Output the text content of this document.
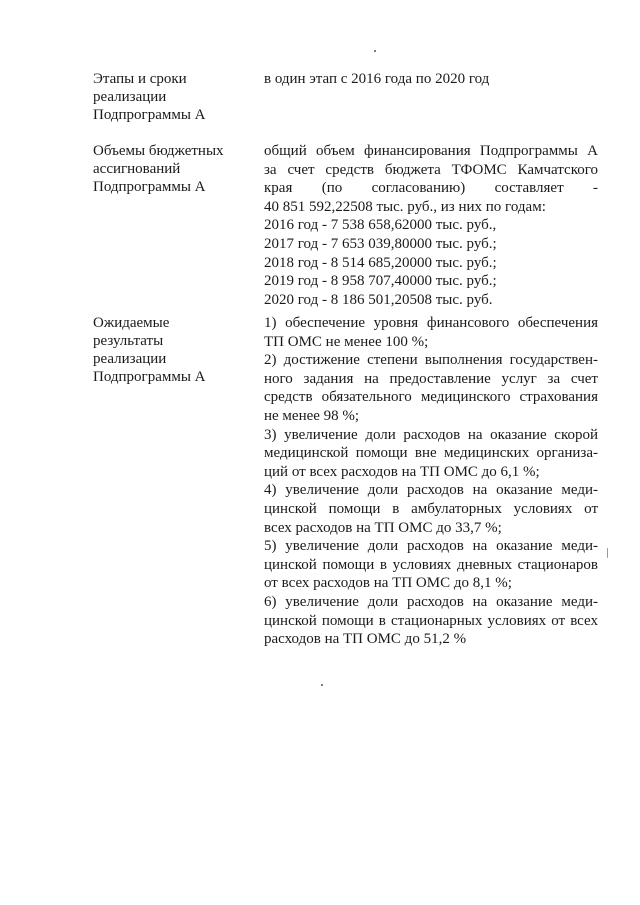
Этапы и сроки
реализации
Подпрограммы А
в один этап с 2016 года по 2020 год
Объемы бюджетных
ассигнований
Подпрограммы А
общий объем финансирования Подпрограммы А
за счет средств бюджета ТФОМС Камчатского
края (по согласованию) составляет -
40 851 592,22508 тыс. руб., из них по годам:
2016 год - 7 538 658,62000 тыс. руб.,
2017 год - 7 653 039,80000 тыс. руб.;
2018 год - 8 514 685,20000 тыс. руб.;
2019 год - 8 958 707,40000 тыс. руб.;
2020 год - 8 186 501,20508 тыс. руб.
Ожидаемые
результаты
реализации
Подпрограммы А
1) обеспечение уровня финансового обеспечения
ТП ОМС не менее 100 %;
2) достижение степени выполнения государствен-
ного задания на предоставление услуг за счет
средств обязательного медицинского страхования
не менее 98 %;
3) увеличение доли расходов на оказание скорой
медицинской помощи вне медицинских организа-
ций от всех расходов на ТП ОМС до 6,1 %;
4) увеличение доли расходов на оказание меди-
цинской помощи в амбулаторных условиях от
всех расходов на ТП ОМС до 33,7 %;
5) увеличение доли расходов на оказание меди-
цинской помощи в условиях дневных стационаров
от всех расходов на ТП ОМС до 8,1 %;
6) увеличение доли расходов на оказание меди-
цинской помощи в стационарных условиях от всех
расходов на ТП ОМС до 51,2 %
